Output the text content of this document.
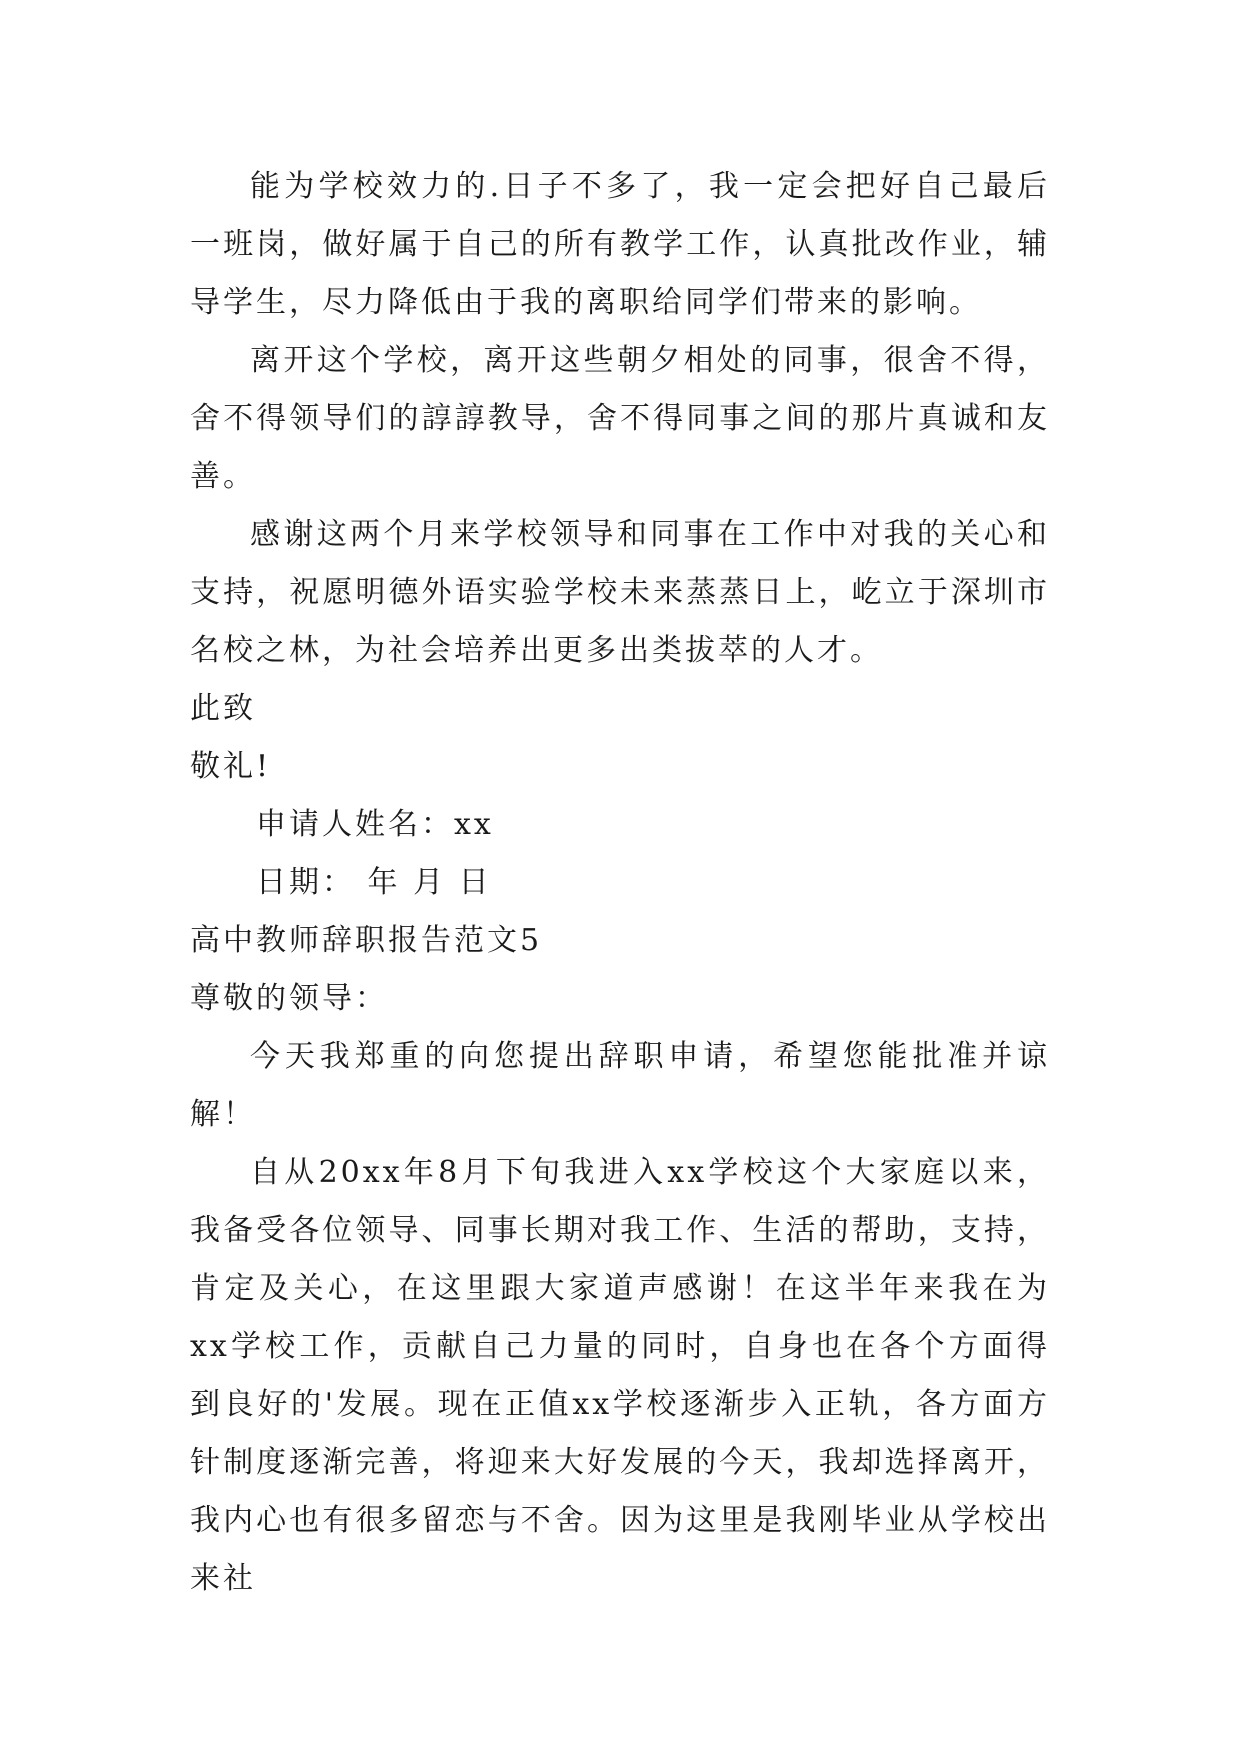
能为学校效力的.日子不多了，我一定会把好自己最后一班岗，做好属于自己的所有教学工作，认真批改作业，辅导学生，尽力降低由于我的离职给同学们带来的影响。

离开这个学校，离开这些朝夕相处的同事，很舍不得，舍不得领导们的諄諄教导，舍不得同事之间的那片真诚和友善。

感谢这两个月来学校领导和同事在工作中对我的关心和支持，祝愿明德外语实验学校未来蒸蒸日上，屹立于深圳市名校之林，为社会培养出更多出类拔萃的人才。

此致

敬礼!

申请人姓名：xx

日期： 年 月 日

高中教师辞职报告范文5

尊敬的领导：

今天我郑重的向您提出辞职申请，希望您能批准并谅解！

自从20xx年8月下旬我进入xx学校这个大家庭以来，我备受各位领导、同事长期对我工作、生活的帮助，支持，肯定及关心，在这里跟大家道声感谢！在这半年来我在为xx学校工作，贡献自己力量的同时，自身也在各个方面得到良好的'发展。现在正值xx学校逐渐步入正轨，各方面方针制度逐渐完善，将迎来大好发展的今天，我却选择离开，我内心也有很多留恋与不舍。因为这里是我刚毕业从学校出来社
